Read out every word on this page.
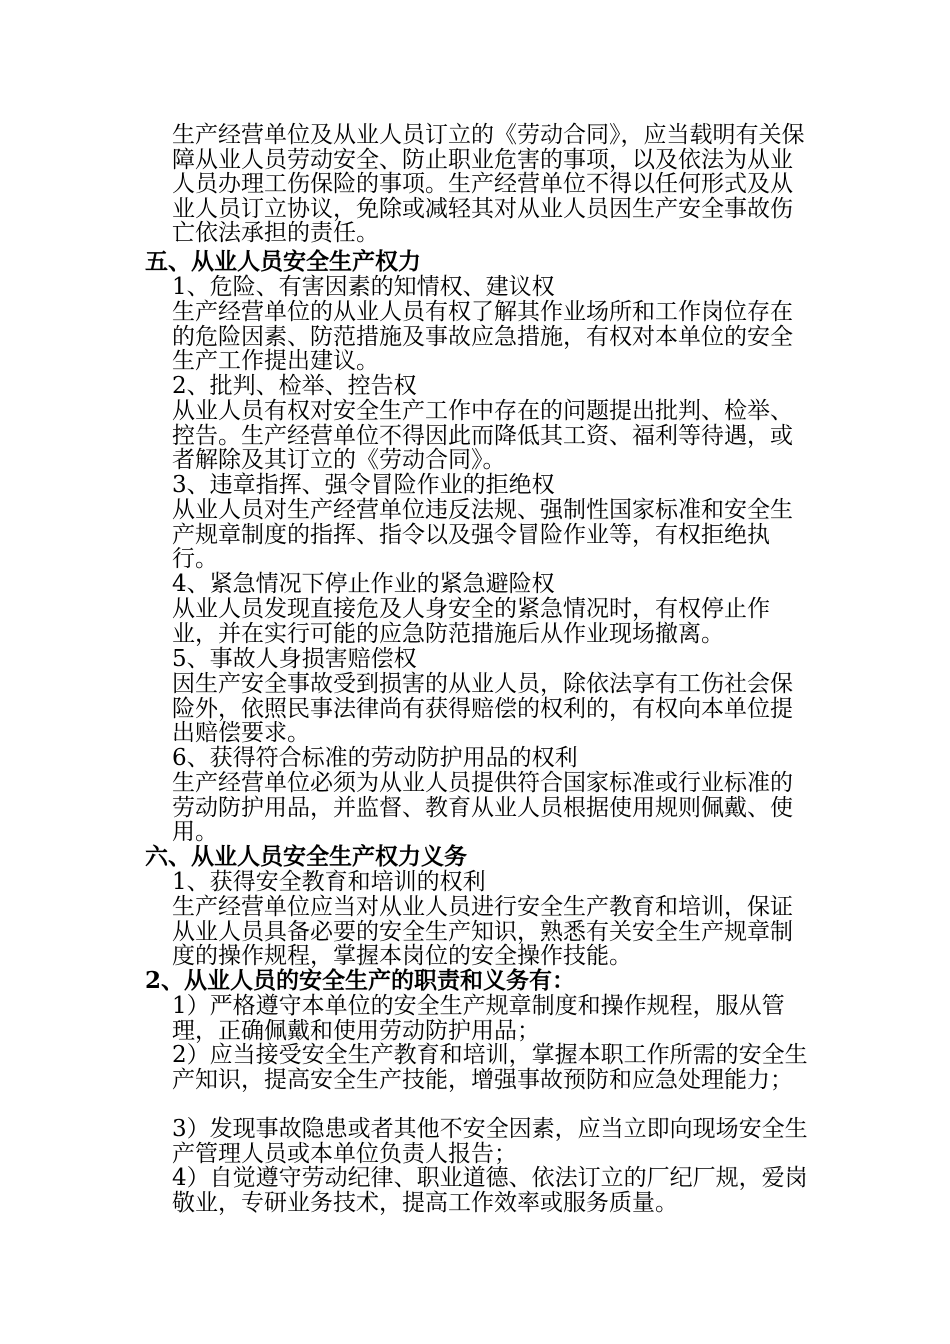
生产经营单位及从业人员订立的《劳动合同》，应当载明有关保障从业人员劳动安全、防止职业危害的事项，以及依法为从业人员办理工伤保险的事项。生产经营单位不得以任何形式及从业人员订立协议，免除或减轻其对从业人员因生产安全事故伤亡依法承担的责任。

五、从业人员安全生产权力

1、危险、有害因素的知情权、建议权

生产经营单位的从业人员有权了解其作业场所和工作岗位存在的危险因素、防范措施及事故应急措施，有权对本单位的安全生产工作提出建议。

2、批判、检举、控告权

从业人员有权对安全生产工作中存在的问题提出批判、检举、控告。生产经营单位不得因此而降低其工资、福利等待遇，或者解除及其订立的《劳动合同》。

3、违章指挥、强令冒险作业的拒绝权

从业人员对生产经营单位违反法规、强制性国家标准和安全生产规章制度的指挥、指令以及强令冒险作业等，有权拒绝执行。

4、紧急情况下停止作业的紧急避险权

从业人员发现直接危及人身安全的紧急情况时，有权停止作业，并在实行可能的应急防范措施后从作业现场撤离。

5、事故人身损害赔偿权

因生产安全事故受到损害的从业人员，除依法享有工伤社会保险外，依照民事法律尚有获得赔偿的权利的，有权向本单位提出赔偿要求。

6、获得符合标准的劳动防护用品的权利

生产经营单位必须为从业人员提供符合国家标准或行业标准的劳动防护用品，并监督、教育从业人员根据使用规则佩戴、使用。

六、从业人员安全生产权力义务

1、获得安全教育和培训的权利

生产经营单位应当对从业人员进行安全生产教育和培训，保证从业人员具备必要的安全生产知识，熟悉有关安全生产规章制度的操作规程，掌握本岗位的安全操作技能。

2、从业人员的安全生产的职责和义务有：

1）严格遵守本单位的安全生产规章制度和操作规程，服从管理，正确佩戴和使用劳动防护用品；

2）应当接受安全生产教育和培训，掌握本职工作所需的安全生产知识，提高安全生产技能，增强事故预防和应急处理能力；

3）发现事故隐患或者其他不安全因素，应当立即向现场安全生产管理人员或本单位负责人报告；

4）自觉遵守劳动纪律、职业道德、依法订立的厂纪厂规，爱岗敬业，专研业务技术，提高工作效率或服务质量。
